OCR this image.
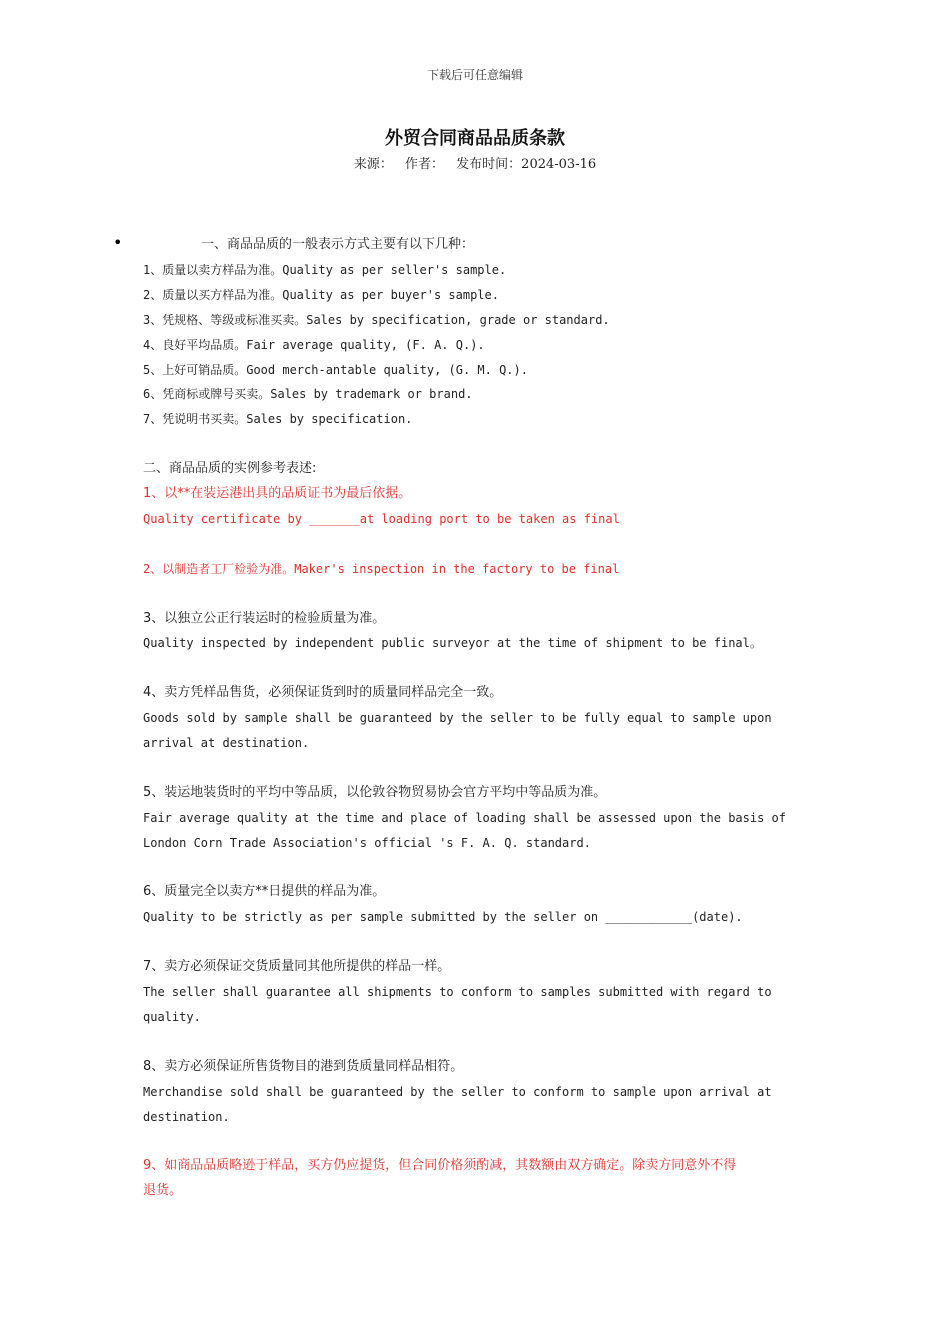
下载后可任意编辑
外贸合同商品品质条款
来源： 作者： 发布时间：2024-03-16
•	一、商品品质的一般表示方式主要有以下几种：
1、质量以卖方样品为准。Quality as per seller's sample.
2、质量以买方样品为准。Quality as per buyer's sample.
3、凭规格、等级或标准买卖。Sales by specification, grade or standard.
4、良好平均品质。Fair average quality, (F. A. Q.).
5、上好可销品质。Good merch-antable quality, (G. M. Q.).
6、凭商标或牌号买卖。Sales by trademark or brand.
7、凭说明书买卖。Sales by specification.
二、商品品质的实例参考表述:
1、以**在装运港出具的品质证书为最后依据。
Quality certificate by _______at loading port to be taken as final
2、以制造者工厂检验为准。Maker's inspection in the factory to be final
3、以独立公正行装运时的检验质量为准。
Quality inspected by independent public surveyor at the time of shipment to be final。
4、卖方凭样品售货，必须保证货到时的质量同样品完全一致。
Goods sold by sample shall be guaranteed by the seller to be fully equal to sample upon
arrival at destination.
5、装运地装货时的平均中等品质，以伦敦谷物贸易协会官方平均中等品质为准。
Fair average quality at the time and place of loading shall be assessed upon the basis of
London Corn Trade Association's official 's F. A. Q. standard.
6、质量完全以卖方**日提供的样品为准。
Quality to be strictly as per sample submitted by the seller on ____________(date).
7、卖方必须保证交货质量同其他所提供的样品一样。
The seller shall guarantee all shipments to conform to samples submitted with regard to
quality.
8、卖方必须保证所售货物目的港到货质量同样品相符。
Merchandise sold shall be guaranteed by the seller to conform to sample upon arrival at
destination.
9、如商品品质略逊于样品，买方仍应提货，但合同价格须酌减，其数额由双方确定。除卖方同意外不得
退货。
